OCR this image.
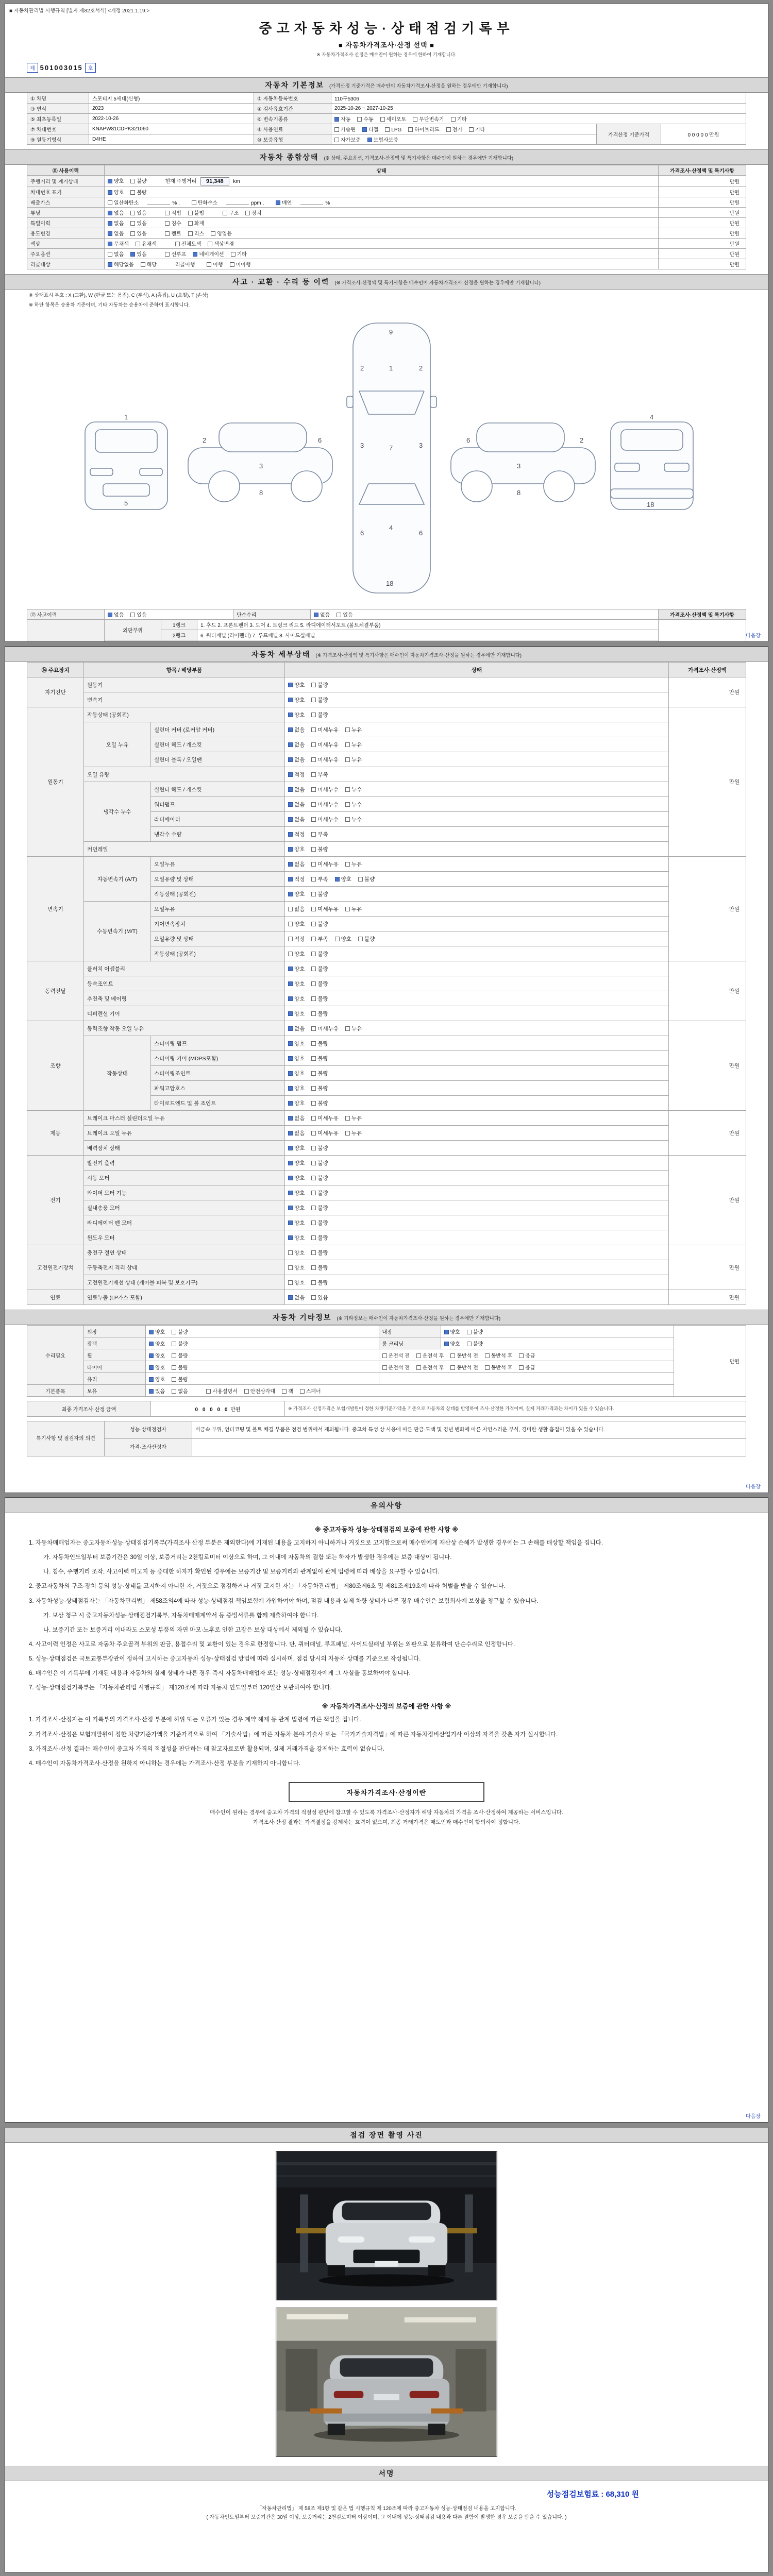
■ 자동차관리법 시행규칙 [별지 제82호서식] <개정 2021.1.19.>
중고자동차성능·상태점검기록부
■ 자동차가격조사·산정 선택 ■
※ 자동차가격조사·산정은 매수인이 원하는 경우에 한하여 기재합니다.
제 501003015 호
자동차 기본정보 (가격산정 기준가격은 매수인이 자동차가격조사·산정을 원하는 경우에만 기재합니다)
① 차명	스포티지 5세대(신형)	② 자동차등록번호	110두5306		
③ 연식	2023	④ 검사유효기간	2025-10-26 ~ 2027-10-25		
⑤ 최초등록일	2022-10-26	⑥ 변속기종류	자동 수동 세미오토 무단변속기 기타		
⑦ 차대번호	KNAPW81CDPK321060	⑧ 사용연료	가솔린 디젤 LPG 하이브리드 전기 기타	가격산정 기준가격	0 0 0 0 0 만원
⑨ 원동기형식	D4HE	⑩ 보증유형	자가보증 보험사보증		
자동차 종합상태 (※ 상태, 주요옵션, 가격조사·산정액 및 특기사항은 매수인이 원하는 경우에만 기재합니다)
⑪ 사용이력	상태	가격조사·산정액 및 특기사항
주행거리 및 계기상태	양호 불량 현재 주행거리 91,348 km	만원
차대번호 표기	양호 불량	만원
배출가스	일산화탄소 % , 탄화수소 ppm , 매연 %	만원
튜닝	없음 있음 적법 불법 구조 장치	만원
특별이력	없음 있음 침수 화재	만원
용도변경	없음 있음 렌트 리스 영업용	만원
색상	무채색 유채색 전체도색 색상변경	만원
주요옵션	없음 있음 선루프 네비게이션 기타	만원
리콜대상	해당없음 해당 리콜이행 이행 미이행	만원
사고 · 교환 · 수리 등 이력 (※ 가격조사·산정액 및 특기사항은 매수인이 자동차가격조사·산정을 원하는 경우에만 기재합니다)
※ 상태표시 부호 : X (교환), W (판금 또는 용접), C (부식), A (흠집), U (요철), T (손상)
※ 하단 항목은 승용차 기준이며, 기타 자동차는 승용차에 준하여 표시합니다.
1
5
2
3
6
8
9
1
7
4
18
2	2
3	3
6	6
6
3
2
8
4
18
⑫ 사고이력	없음	있음	단순수리	없음	있음	가격조사·산정액 및 특기사항
	외판부위	1랭크	1. 후드 2. 프론트펜더 3. 도어 4. 트렁크 리드 5. 라디에이터서포트 (볼트체결부품)	
		2랭크	6. 쿼터패널 (리어펜더) 7. 루프패널 8. 사이드실패널	

		다음장
자동차 세부상태 (※ 가격조사·산정액 및 특기사항은 매수인이 자동차가격조사·산정을 원하는 경우에만 기재합니다)
⑭ 주요장치	항목 / 해당부품		상태	가격조사·산정액
자기진단	원동기		양호 불량	만원
	변속기		양호 불량	
원동기	작동상태 (공회전)		양호 불량	만원
	오일 누유	실린더 커버 (로커암 커버)	없음 미세누유 누유	
		실린더 헤드 / 개스킷	없음 미세누유 누유	
		실린더 블록 / 오일팬	없음 미세누유 누유	
	오일 유량		적정 부족	
	냉각수 누수	실린더 헤드 / 개스킷	없음 미세누수 누수	
		워터펌프	없음 미세누수 누수	
		라디에이터	없음 미세누수 누수	
		냉각수 수량	적정 부족	
	커먼레일		양호 불량	
변속기	자동변속기 (A/T)	오일누유	없음 미세누유 누유	만원
		오일유량 및 상태	적정 부족 양호 불량	
		작동상태 (공회전)	양호 불량	
	수동변속기 (M/T)	오일누유	없음 미세누유 누유	
		기어변속장치	양호 불량	
		오일유량 및 상태	적정 부족 양호 불량	
		작동상태 (공회전)	양호 불량	
동력전달	클러치 어셈블리		양호 불량	만원
	등속조인트		양호 불량	
	추진축 및 베어링		양호 불량	
	디퍼렌셜 기어		양호 불량	
조향	동력조향 작동 오일 누유		없음 미세누유 누유	만원
	작동상태	스티어링 펌프	양호 불량	
		스티어링 기어 (MDPS포함)	양호 불량	
		스티어링조인트	양호 불량	
		파워고압호스	양호 불량	
		타이로드엔드 및 볼 조인트	양호 불량	
제동	브레이크 마스터 실린더오일 누유		없음 미세누유 누유	만원
	브레이크 오일 누유		없음 미세누유 누유	
	배력장치 상태		양호 불량	
전기	발전기 출력		양호 불량	만원
	시동 모터		양호 불량	
	와이퍼 모터 기능		양호 불량	
	실내송풍 모터		양호 불량	
	라디에이터 팬 모터		양호 불량	
	윈도우 모터		양호 불량	
고전원전기장치	충전구 절연 상태		양호 불량	만원
	구동축전지 격리 상태		양호 불량	
	고전원전기배선 상태 (케이블 피복 및 보호기구)		양호 불량	
연료	연료누출 (LP가스 포함)		없음 있음	만원
자동차 기타정보 (※ 기타정보는 매수인이 자동차가격조사·산정을 원하는 경우에만 기재합니다)
수리필요	외장	양호 불량	내장	양호 불량	만원
	광택	양호 불량	룸 크리닝	양호 불량	
	휠	양호 불량	운전석 전 운전석 후 동반석 전 동반석 후 응급		
	타이어	양호 불량	운전석 전 운전석 후 동반석 전 동반석 후 응급		
	유리	양호 불량			
기본품목	보유	있음 없음 사용설명서 안전삼각대 잭 스패너			
최종 가격조사·산정 금액	0 0 0 0 0 만원	※ 가격조사·산정가격은 보험개발원이 정한 차량기준가액을 기준으로 자동차의 상태를 반영하여 조사·산정한 가격이며, 실제 거래가격과는 차이가 있을 수 있습니다.
특기사항 및 점검자의 의견	성능·상태점검자	비금속 부위, 언더코팅 및 볼트 체결 부품은 점검 범위에서 제외됩니다. 중고차 특성 상 사용에 따른 판금·도색 및 경년 변화에 따른 자연스러운 부식, 경미한 생활 흠집이 있을 수 있습니다.
	가격·조사산정자	
다음장
유의사항
※ 중고자동차 성능·상태점검의 보증에 관한 사항 ※

1. 자동차매매업자는 중고자동차성능·상태점검기록부(가격조사·산정 부분은 제외한다)에 기재된 내용을 고지하지 아니하거나 거짓으로 고지함으로써 매수인에게 재산상 손해가 발생한 경우에는 그 손해를 배상할 책임을 집니다.

가. 자동차인도일부터 보증기간은 30일 이상, 보증거리는 2천킬로미터 이상으로 하며, 그 이내에 자동차의 결함 또는 하자가 발생한 경우에는 보증 대상이 됩니다.

나. 침수, 주행거리 조작, 사고이력 미고지 등 중대한 하자가 확인된 경우에는 보증기간 및 보증거리와 관계없이 관계 법령에 따라 배상을 요구할 수 있습니다.

2. 중고자동차의 구조·장치 등의 성능·상태를 고지하지 아니한 자, 거짓으로 점검하거나 거짓 고지한 자는 「자동차관리법」 제80조제6호 및 제81조제19호에 따라 처벌을 받을 수 있습니다.

3. 자동차성능·상태점검자는 「자동차관리법」 제58조의4에 따라 성능·상태점검 책임보험에 가입하여야 하며, 점검 내용과 실제 차량 상태가 다른 경우 매수인은 보험회사에 보상을 청구할 수 있습니다.

가. 보상 청구 시 중고자동차성능·상태점검기록부, 자동차매매계약서 등 증빙서류를 함께 제출하여야 합니다.

나. 보증기간 또는 보증거리 이내라도 소모성 부품의 자연 마모·노후로 인한 고장은 보상 대상에서 제외될 수 있습니다.

4. 사고이력 인정은 사고로 자동차 주요골격 부위의 판금, 용접수리 및 교환이 있는 경우로 한정합니다. 단, 쿼터패널, 루프패널, 사이드실패널 부위는 외판으로 분류하여 단순수리로 인정합니다.

5. 성능·상태점검은 국토교통부장관이 정하여 고시하는 중고자동차 성능·상태점검 방법에 따라 실시하며, 점검 당시의 자동차 상태를 기준으로 작성됩니다.

6. 매수인은 이 기록부에 기재된 내용과 자동차의 실제 상태가 다른 경우 즉시 자동차매매업자 또는 성능·상태점검자에게 그 사실을 통보하여야 합니다.

7. 성능·상태점검기록부는 「자동차관리법 시행규칙」 제120조에 따라 자동차 인도일부터 120일간 보관하여야 합니다.

※ 자동차가격조사·산정의 보증에 관한 사항 ※

1. 가격조사·산정자는 이 기록부의 가격조사·산정 부분에 허위 또는 오류가 있는 경우 계약 해제 등 관계 법령에 따른 책임을 집니다.

2. 가격조사·산정은 보험개발원이 정한 차량기준가액을 기준가격으로 하여 「기술사법」에 따른 자동차 분야 기술사 또는 「국가기술자격법」에 따른 자동차정비산업기사 이상의 자격을 갖춘 자가 실시합니다.

3. 가격조사·산정 결과는 매수인이 중고차 가격의 적절성을 판단하는 데 참고자료로만 활용되며, 실제 거래가격을 강제하는 효력이 없습니다.

4. 매수인이 자동차가격조사·산정을 원하지 아니하는 경우에는 가격조사·산정 부분을 기재하지 아니합니다.

자동차가격조사·산정이란
매수인이 원하는 경우에 중고차 가격의 적절성 판단에 참고할 수 있도록 가격조사·산정자가 해당 자동차의 가격을 조사·산정하여 제공하는 서비스입니다.
가격조사·산정 결과는 가격결정을 강제하는 효력이 없으며, 최종 거래가격은 매도인과 매수인이 합의하여 정합니다.
다음장
점검 장면 촬영 사진
서명
성능점검보험료 : 68,310 원
「자동차관리법」 제 58조 제1항 및 같은 법 시행규칙 제 120조에 따라 중고자동차 성능·상태점검 내용을 고지합니다.
( 자동차인도일부터 보증기간은 30일 이상, 보증거리는 2천킬로미터 이상이며, 그 이내에 성능·상태점검 내용과 다른 결함이 발생한 경우 보증을 받을 수 있습니다. )
